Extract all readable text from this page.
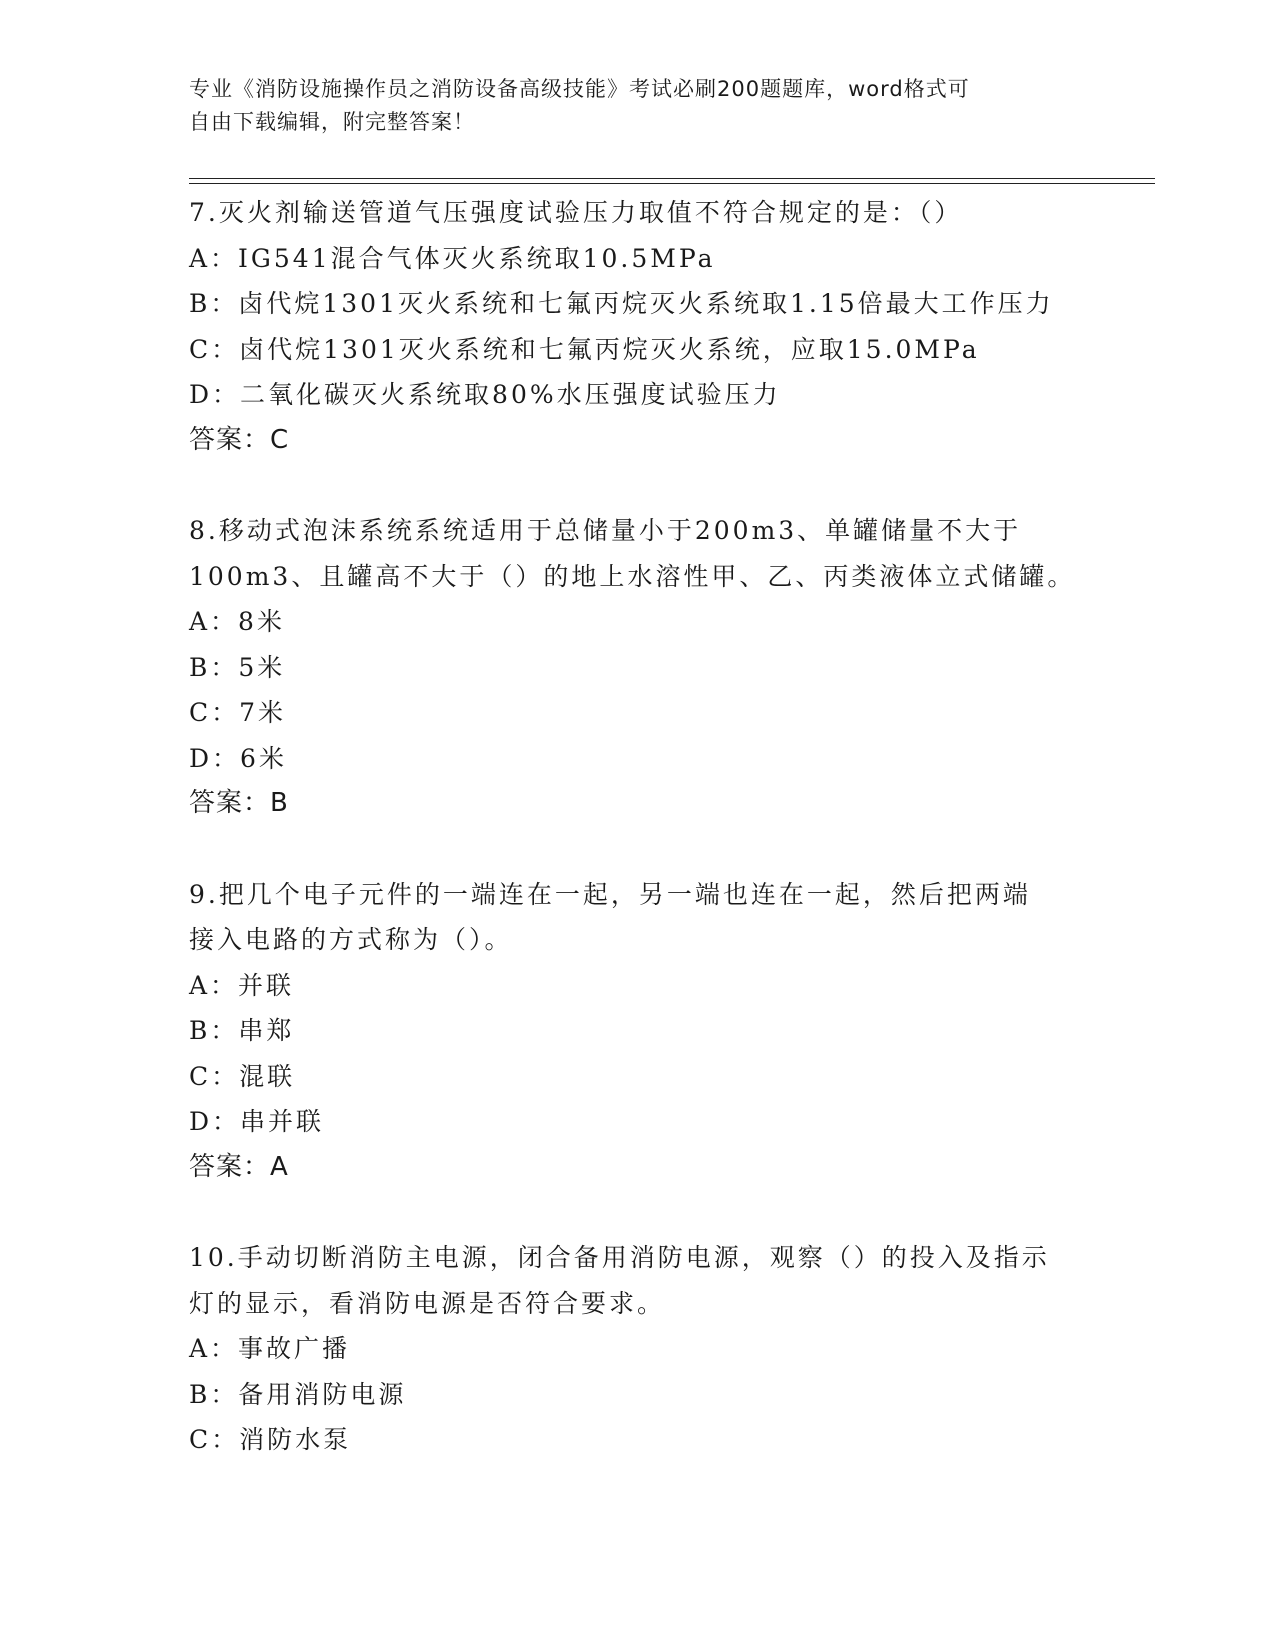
专业《消防设施操作员之消防设备高级技能》考试必刷200题题库，word格式可
自由下载编辑，附完整答案！
7.灭火剂输送管道气压强度试验压力取值不符合规定的是：（）
A：IG541混合气体灭火系统取10.5MPa
B：卤代烷1301灭火系统和七氟丙烷灭火系统取1.15倍最大工作压力
C：卤代烷1301灭火系统和七氟丙烷灭火系统，应取15.0MPa
D：二氧化碳灭火系统取80%水压强度试验压力
答案：C
8.移动式泡沫系统系统适用于总储量小于200m3、单罐储量不大于
100m3、且罐高不大于（）的地上水溶性甲、乙、丙类液体立式储罐。
A：8米
B：5米
C：7米
D：6米
答案：B
9.把几个电子元件的一端连在一起，另一端也连在一起，然后把两端
接入电路的方式称为（）。
A：并联
B：串郑
C：混联
D：串并联
答案：A
10.手动切断消防主电源，闭合备用消防电源，观察（）的投入及指示
灯的显示，看消防电源是否符合要求。
A：事故广播
B：备用消防电源
C：消防水泵
